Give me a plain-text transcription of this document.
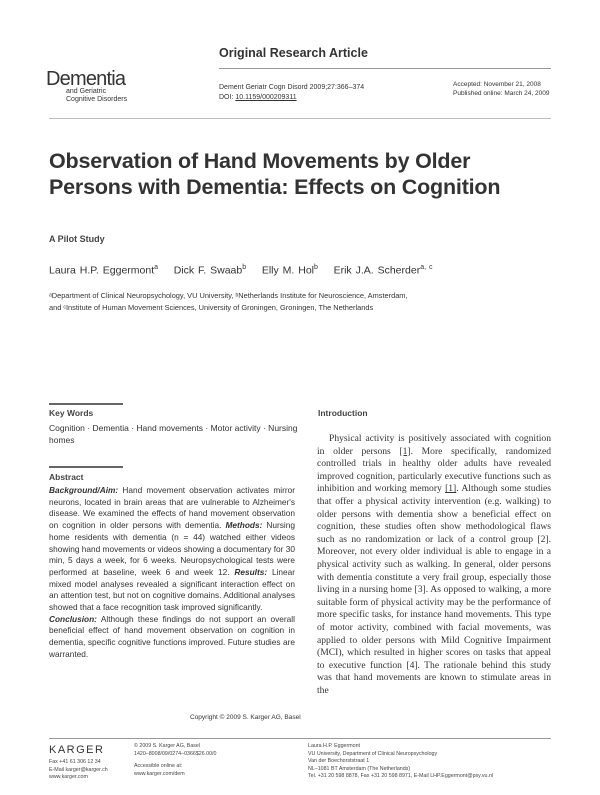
Original Research Article
Dementia
and Geriatric
Cognitive Disorders
Dement Geriatr Cogn Disord 2009;27:366–374
DOI: 10.1159/000209311
Accepted: November 21, 2008
Published online: March 24, 2009
Observation of Hand Movements by Older Persons with Dementia: Effects on Cognition
A Pilot Study
Laura H.P. Eggermont$^a$ Dick F. Swaab$^b$ Elly M. Hol$^b$ Erik J.A. Scherder$^{a, c}$
ᵃDepartment of Clinical Neuropsychology, VU University, ᵇNetherlands Institute for Neuroscience, Amsterdam,
and ᶜInstitute of Human Movement Sciences, University of Groningen, Groningen, The Netherlands
Key Words
Cognition · Dementia · Hand movements · Motor activity · Nursing homes
Abstract
Background/Aim: Hand movement observation activates mirror neurons, located in brain areas that are vulnerable to Alzheimer's disease. We examined the effects of hand movement observation on cognition in older persons with dementia. Methods: Nursing home residents with dementia (n = 44) watched either videos showing hand movements or videos showing a documentary for 30 min, 5 days a week, for 6 weeks. Neuropsychological tests were performed at baseline, week 6 and week 12. Results: Linear mixed model analyses revealed a significant interaction effect on an attention test, but not on cognitive domains. Additional analyses showed that a face recognition task improved significantly.
Conclusion: Although these findings do not support an overall beneficial effect of hand movement observation on cognition in dementia, specific cognitive functions improved. Future studies are warranted.
Copyright © 2009 S. Karger AG, Basel
Introduction
Physical activity is positively associated with cognition in older persons [1]. More specifically, randomized controlled trials in healthy older adults have revealed improved cognition, particularly executive functions such as inhibition and working memory [1]. Although some studies that offer a physical activity intervention (e.g. walking) to older persons with dementia show a beneficial effect on cognition, these studies often show methodological flaws such as no randomization or lack of a control group [2]. Moreover, not every older individual is able to engage in a physical activity such as walking. In general, older persons with dementia constitute a very frail group, especially those living in a nursing home [3]. As opposed to walking, a more suitable form of physical activity may be the performance of more specific tasks, for instance hand movements. This type of motor activity, combined with facial movements, was applied to older persons with Mild Cognitive Impairment (MCI), which resulted in higher scores on tasks that appeal to executive function [4]. The rationale behind this study was that hand movements are known to stimulate areas in the
KARGER
Fax +41 61 306 12 34
E-Mail karger@karger.ch
www.karger.com
© 2009 S. Karger AG, Basel
1420–8008/09/0274–0366$26.00/0
Accessible online at:
www.karger.com/dem
Laura H.P. Eggermont
VU University, Department of Clinical Neuropsychology
Van der Boechorststraat 1
NL–1081 BT Amsterdam (The Netherlands)
Tel. +31 20 598 8878, Fax +31 20 598 8971, E-Mail LHP.Eggermont@psy.vu.nl
